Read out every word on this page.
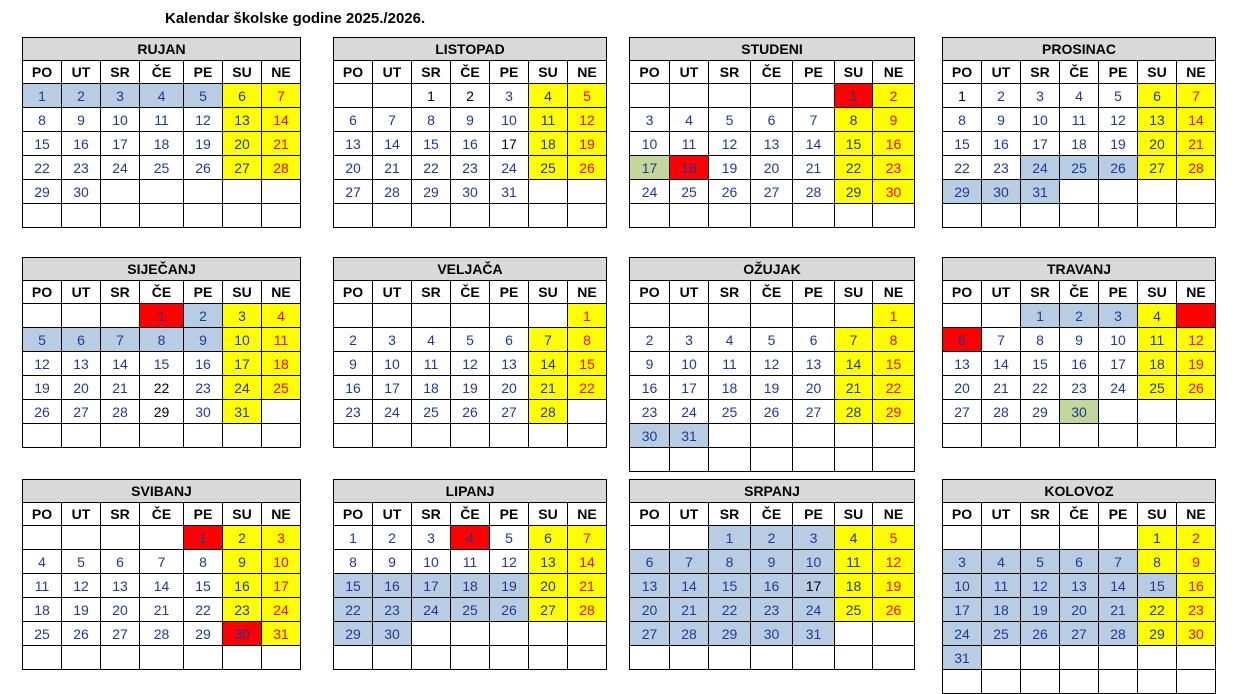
Kalendar školske godine 2025./2026.
RUJAN						
PO	UT	SR	ČE	PE	SU	NE
1	2	3	4	5	6	7
8	9	10	11	12	13	14
15	16	17	18	19	20	21
22	23	24	25	26	27	28
29	30					

LISTOPAD						
PO	UT	SR	ČE	PE	SU	NE
		1	2	3	4	5
6	7	8	9	10	11	12
13	14	15	16	17	18	19
20	21	22	23	24	25	26
27	28	29	30	31		

STUDENI						
PO	UT	SR	ČE	PE	SU	NE
					1	2
3	4	5	6	7	8	9
10	11	12	13	14	15	16
17	18	19	20	21	22	23
24	25	26	27	28	29	30

PROSINAC						
PO	UT	SR	ČE	PE	SU	NE
1	2	3	4	5	6	7
8	9	10	11	12	13	14
15	16	17	18	19	20	21
22	23	24	25	26	27	28
29	30	31				

SIJEČANJ						
PO	UT	SR	ČE	PE	SU	NE
			1	2	3	4
5	6	7	8	9	10	11
12	13	14	15	16	17	18
19	20	21	22	23	24	25
26	27	28	29	30	31	

VELJAČA						
PO	UT	SR	ČE	PE	SU	NE
						1
2	3	4	5	6	7	8
9	10	11	12	13	14	15
16	17	18	19	20	21	22
23	24	25	26	27	28	

OŽUJAK						
PO	UT	SR	ČE	PE	SU	NE
						1
2	3	4	5	6	7	8
9	10	11	12	13	14	15
16	17	18	19	20	21	22
23	24	25	26	27	28	29
30	31					

TRAVANJ						
PO	UT	SR	ČE	PE	SU	NE
		1	2	3	4	5
6	7	8	9	10	11	12
13	14	15	16	17	18	19
20	21	22	23	24	25	26
27	28	29	30			

SVIBANJ						
PO	UT	SR	ČE	PE	SU	NE
				1	2	3
4	5	6	7	8	9	10
11	12	13	14	15	16	17
18	19	20	21	22	23	24
25	26	27	28	29	30	31

LIPANJ						
PO	UT	SR	ČE	PE	SU	NE
1	2	3	4	5	6	7
8	9	10	11	12	13	14
15	16	17	18	19	20	21
22	23	24	25	26	27	28
29	30					

SRPANJ						
PO	UT	SR	ČE	PE	SU	NE
		1	2	3	4	5
6	7	8	9	10	11	12
13	14	15	16	17	18	19
20	21	22	23	24	25	26
27	28	29	30	31		

KOLOVOZ						
PO	UT	SR	ČE	PE	SU	NE
					1	2
3	4	5	6	7	8	9
10	11	12	13	14	15	16
17	18	19	20	21	22	23
24	25	26	27	28	29	30
31						
